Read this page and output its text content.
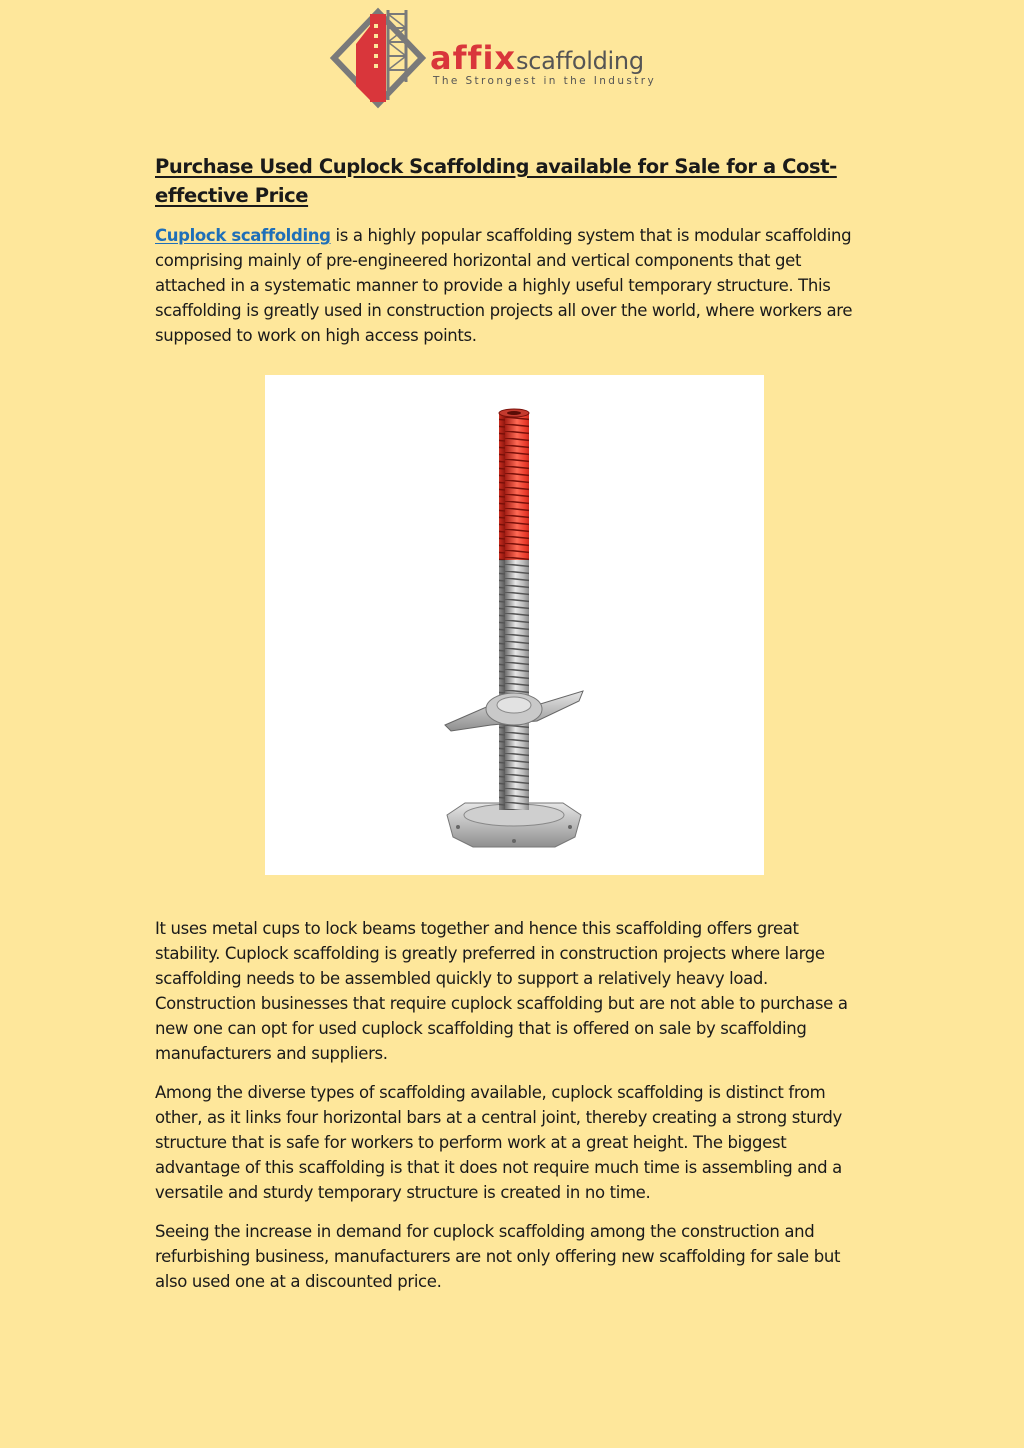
affixscaffolding
The Strongest in the Industry
Purchase Used Cuplock Scaffolding available for Sale for a Cost-effective Price

Cuplock scaffolding is a highly popular scaffolding system that is modular scaffolding comprising mainly of pre-engineered horizontal and vertical components that get attached in a systematic manner to provide a highly useful temporary structure. This scaffolding is greatly used in construction projects all over the world, where workers are supposed to work on high access points.

It uses metal cups to lock beams together and hence this scaffolding offers great stability. Cuplock scaffolding is greatly preferred in construction projects where large scaffolding needs to be assembled quickly to support a relatively heavy load. Construction businesses that require cuplock scaffolding but are not able to purchase a new one can opt for used cuplock scaffolding that is offered on sale by scaffolding manufacturers and suppliers.

Among the diverse types of scaffolding available, cuplock scaffolding is distinct from other, as it links four horizontal bars at a central joint, thereby creating a strong sturdy structure that is safe for workers to perform work at a great height. The biggest advantage of this scaffolding is that it does not require much time is assembling and a versatile and sturdy temporary structure is created in no time.

Seeing the increase in demand for cuplock scaffolding among the construction and refurbishing business, manufacturers are not only offering new scaffolding for sale but also used one at a discounted price.
